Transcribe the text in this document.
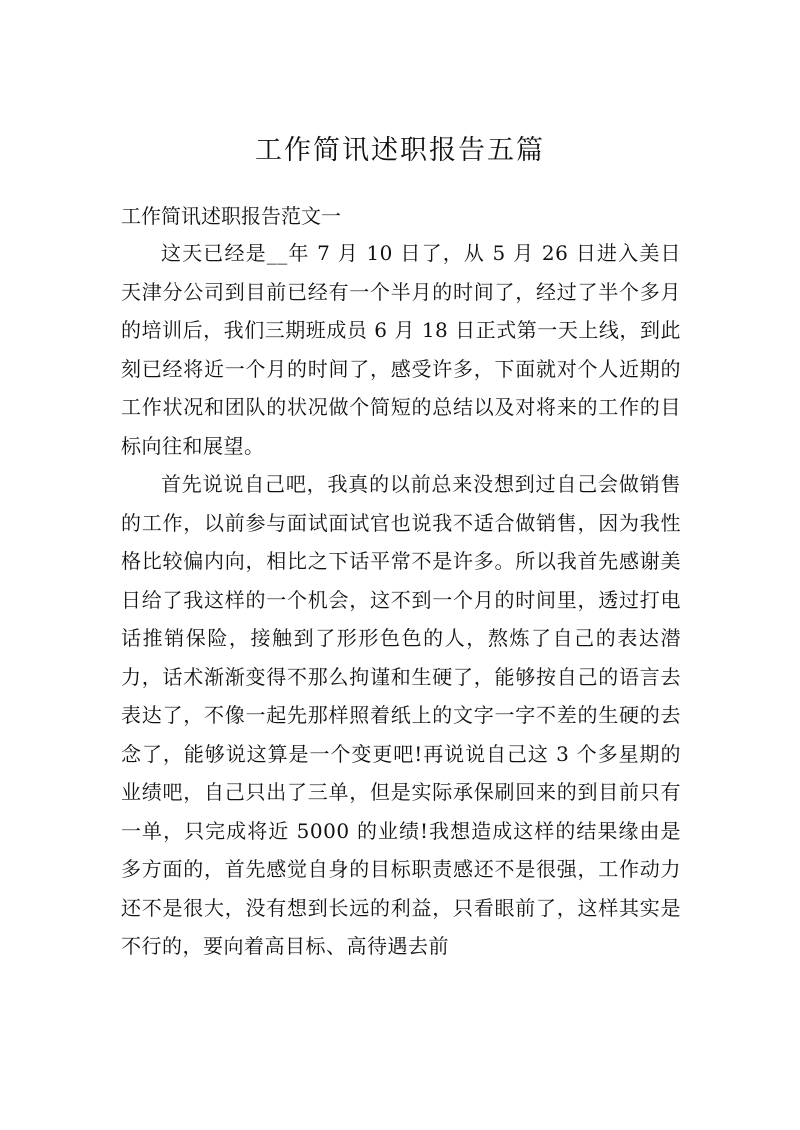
工作简讯述职报告五篇
工作简讯述职报告范文一

这天已经是__年 7 月 10 日了，从 5 月 26 日进入美日天津分公司到目前已经有一个半月的时间了，经过了半个多月的培训后，我们三期班成员 6 月 18 日正式第一天上线，到此刻已经将近一个月的时间了，感受许多，下面就对个人近期的工作状况和团队的状况做个简短的总结以及对将来的工作的目标向往和展望。

首先说说自己吧，我真的以前总来没想到过自己会做销售的工作，以前参与面试面试官也说我不适合做销售，因为我性格比较偏内向，相比之下话平常不是许多。所以我首先感谢美日给了我这样的一个机会，这不到一个月的时间里，透过打电话推销保险，接触到了形形色色的人，熬炼了自己的表达潜力，话术渐渐变得不那么拘谨和生硬了，能够按自己的语言去表达了，不像一起先那样照着纸上的文字一字不差的生硬的去念了，能够说这算是一个变更吧!再说说自己这 3 个多星期的业绩吧，自己只出了三单，但是实际承保刷回来的到目前只有一单，只完成将近 5000 的业绩!我想造成这样的结果缘由是多方面的，首先感觉自身的目标职责感还不是很强，工作动力还不是很大，没有想到长远的利益，只看眼前了，这样其实是不行的，要向着高目标、高待遇去前
